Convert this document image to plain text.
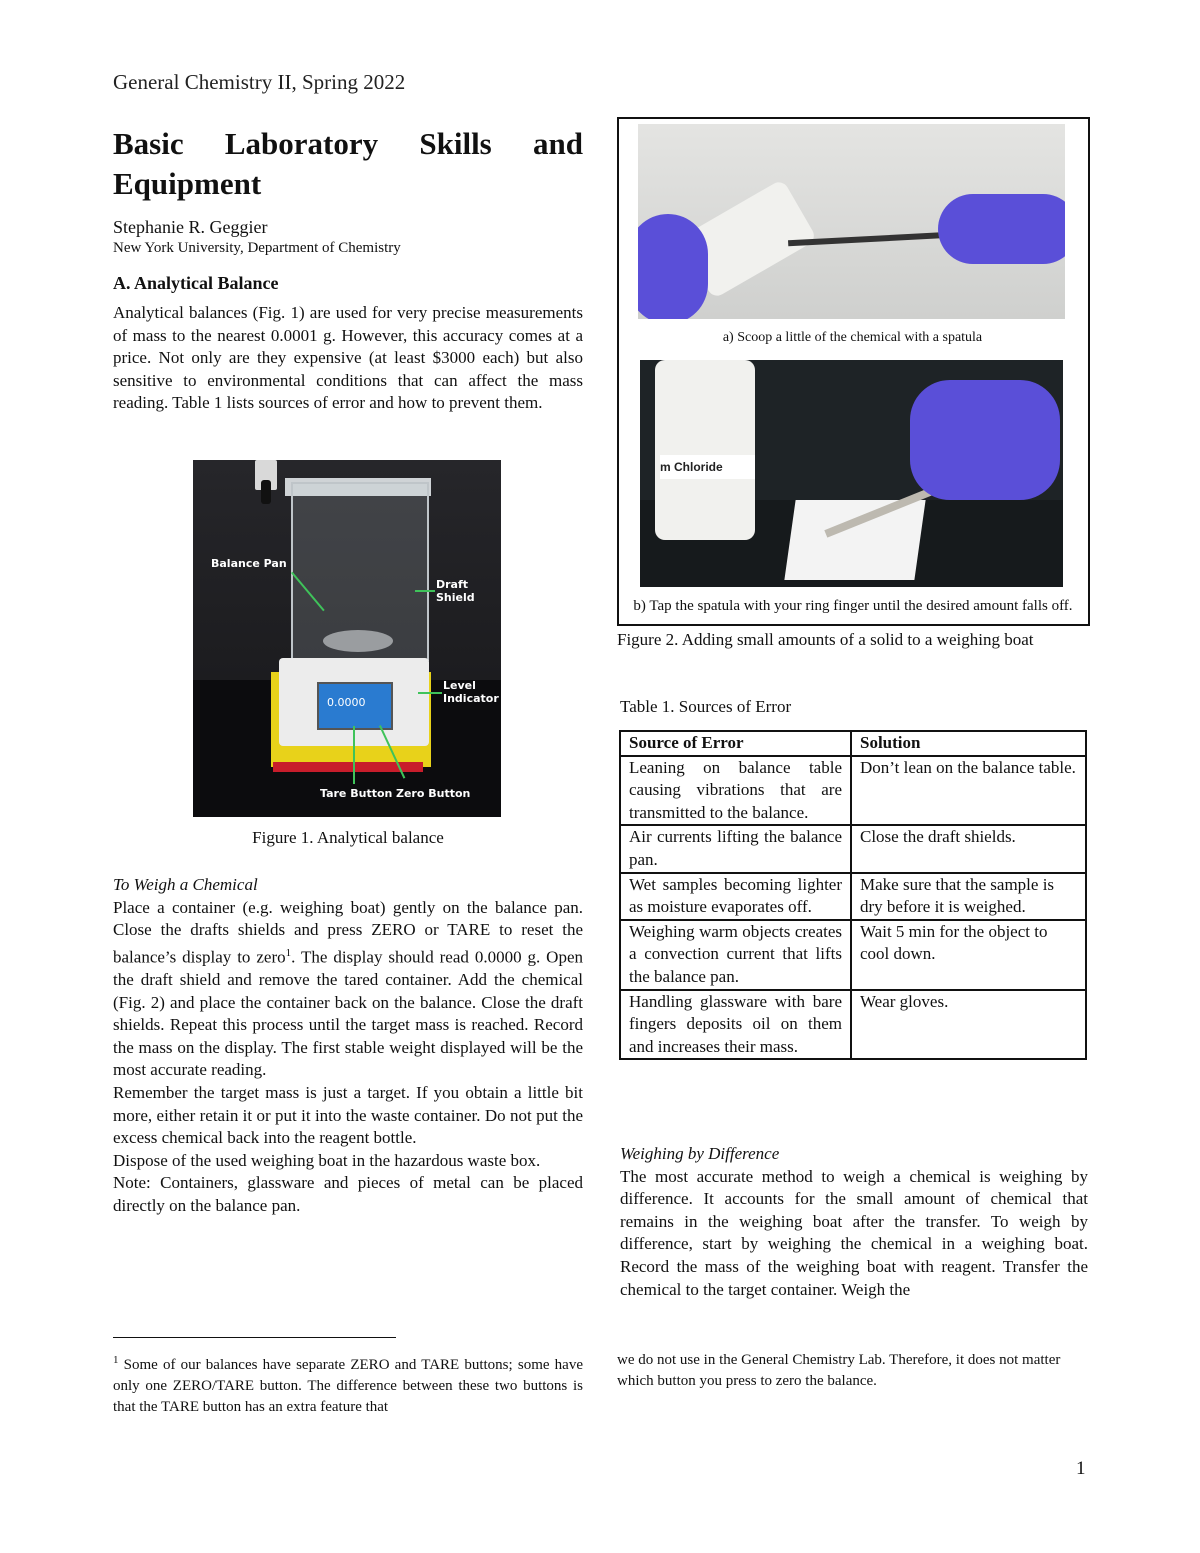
General Chemistry II, Spring 2022
Basic Laboratory Skills and
Equipment
Stephanie R. Geggier
New York University, Department of Chemistry
A. Analytical Balance

Analytical balances (Fig. 1) are used for very precise measurements of mass to the nearest 0.0001 g. However, this accuracy comes at a price. Not only are they expensive (at least $3000 each) but also sensitive to environmental conditions that can affect the mass reading. Table 1 lists sources of error and how to prevent them.

0.0000
Balance Pan
Draft Shield
Level Indicator
Tare Button Zero Button
Figure 1. Analytical balance
To Weigh a Chemical

Place a container (e.g. weighing boat) gently on the balance pan. Close the drafts shields and press ZERO or TARE to reset the balance’s display to zero$^1$. The display should read 0.0000 g. Open the draft shield and remove the tared container. Add the chemical (Fig. 2) and place the container back on the balance. Close the draft shields. Repeat this process until the target mass is reached. Record the mass on the display. The first stable weight displayed will be the most accurate reading.

Remember the target mass is just a target. If you obtain a little bit more, either retain it or put it into the waste container. Do not put the excess chemical back into the reagent bottle.

Dispose of the used weighing boat in the hazardous waste box.

Note: Containers, glassware and pieces of metal can be placed directly on the balance pan.

a) Scoop a little of the chemical with a spatula
m Chloride
b) Tap the spatula with your ring finger until the desired amount falls off.
Figure 2. Adding small amounts of a solid to a weighing boat
Table 1. Sources of Error
Source of Error	Solution
Leaning on balance table causing vibrations that are transmitted to the balance.	Don’t lean on the balance table.
Air currents lifting the balance pan.	Close the draft shields.
Wet samples becoming lighter as moisture evaporates off.	Make sure that the sample is dry before it is weighed.
Weighing warm objects creates a convection current that lifts the balance pan.	Wait 5 min for the object to cool down.
Handling glassware with bare fingers deposits oil on them and increases their mass.	Wear gloves.
Weighing by Difference

The most accurate method to weigh a chemical is weighing by difference. It accounts for the small amount of chemical that remains in the weighing boat after the transfer. To weigh by difference, start by weighing the chemical in a weighing boat. Record the mass of the weighing boat with reagent. Transfer the chemical to the target container. Weigh the

$^1$ Some of our balances have separate ZERO and TARE buttons; some have only one ZERO/TARE button. The difference between these two buttons is that the TARE button has an extra feature that
we do not use in the General Chemistry Lab. Therefore, it does not matter which button you press to zero the balance.
1
